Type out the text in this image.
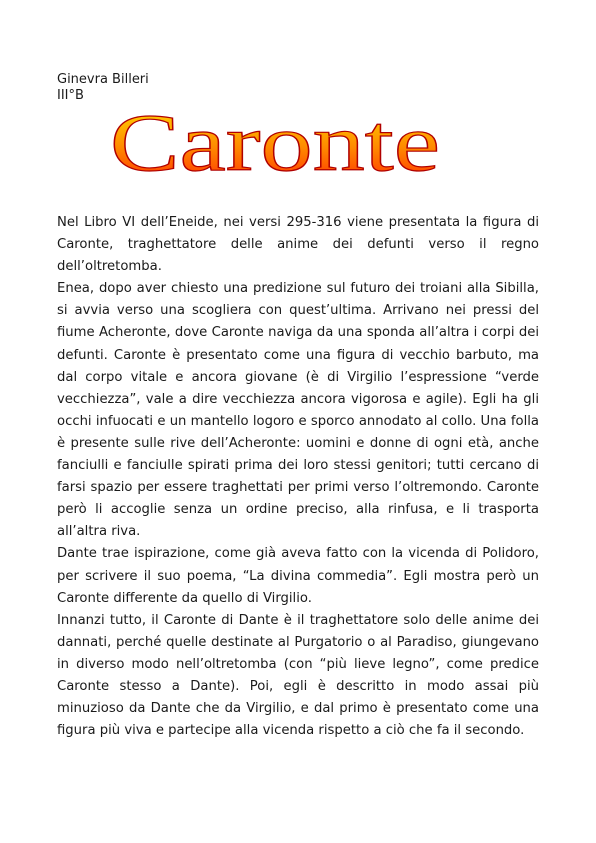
Ginevra Billeri
III°B
Caronte

Nel Libro VI dell’Eneide, nei versi 295-316 viene presentata la figura di Caronte, traghettatore delle anime dei defunti verso il regno dell’oltretomba.

Enea, dopo aver chiesto una predizione sul futuro dei troiani alla Sibilla, si avvia verso una scogliera con quest’ultima. Arrivano nei pressi del fiume Acheronte, dove Caronte naviga da una sponda all’altra i corpi dei defunti. Caronte è presentato come una figura di vecchio barbuto, ma dal corpo vitale e ancora giovane (è di Virgilio l’espressione “verde vecchiezza”, vale a dire vecchiezza ancora vigorosa e agile). Egli ha gli occhi infuocati e un mantello logoro e sporco annodato al collo. Una folla è presente sulle rive dell’Acheronte: uomini e donne di ogni età, anche fanciulli e fanciulle spirati prima dei loro stessi genitori; tutti cercano di farsi spazio per essere traghettati per primi verso l’oltremondo. Caronte però li accoglie senza un ordine preciso, alla rinfusa, e li trasporta all’altra riva.

Dante trae ispirazione, come già aveva fatto con la vicenda di Polidoro, per scrivere il suo poema, “La divina commedia”. Egli mostra però un Caronte differente da quello di Virgilio.

Innanzi tutto, il Caronte di Dante è il traghettatore solo delle anime dei dannati, perché quelle destinate al Purgatorio o al Paradiso, giungevano in diverso modo nell’oltretomba (con “più lieve legno”, come predice Caronte stesso a Dante). Poi, egli è descritto in modo assai più minuzioso da Dante che da Virgilio, e dal primo è presentato come una figura più viva e partecipe alla vicenda rispetto a ciò che fa il secondo.
